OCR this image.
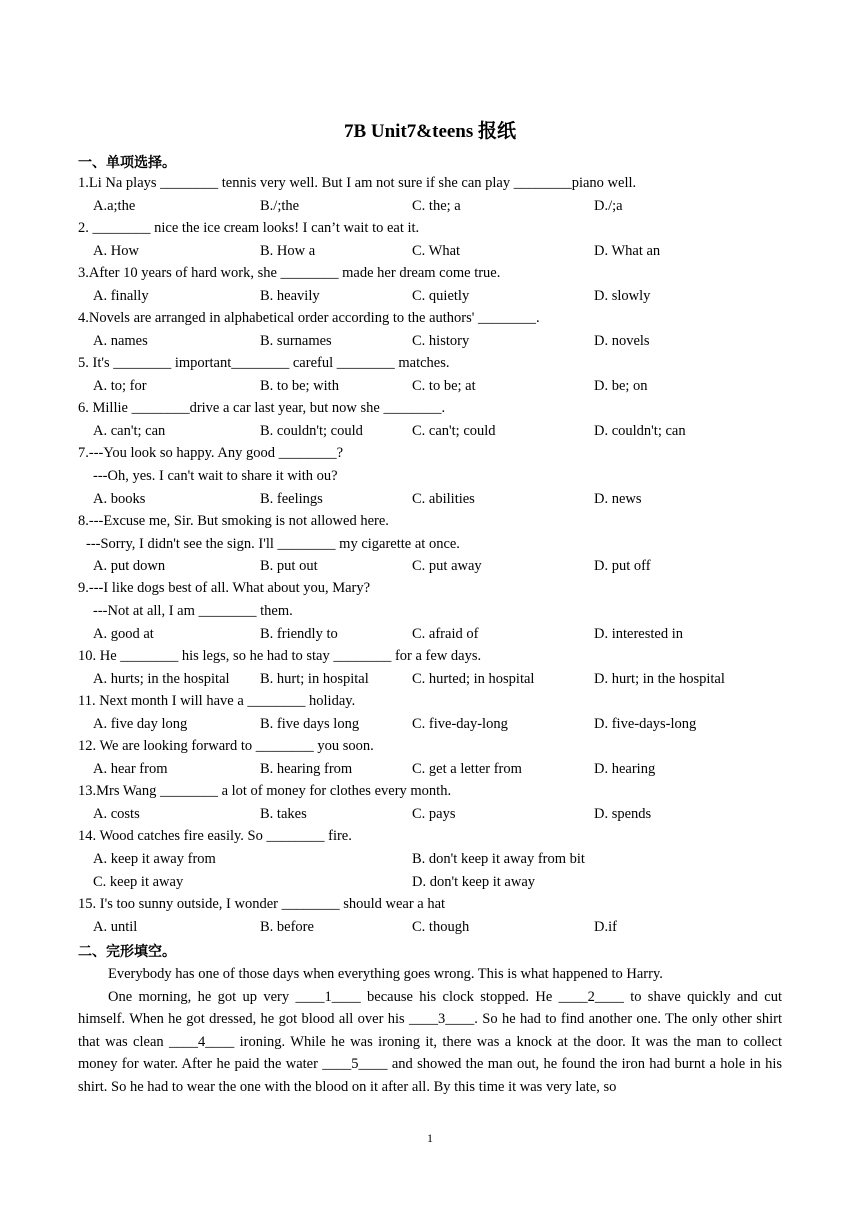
7B Unit7&teens 报纸
一、单项选择。
1.Li Na plays ________ tennis very well. But I am not sure if she can play ________piano well.
A.a;the	B./;the	C. the; a	D./;a
2. ________ nice the ice cream looks! I can’t wait to eat it.
A. How	B. How a	C. What	D. What an
3.After 10 years of hard work, she ________ made her dream come true.
A. finally	B. heavily	C. quietly	D. slowly
4.Novels are arranged in alphabetical order according to the authors' ________.
A. names	B. surnames	C. history	D. novels
5. It's ________ important________ careful ________ matches.
A. to; for	B. to be; with	C. to be; at	D. be; on
6. Millie ________drive a car last year, but now she ________.
A. can't; can	B. couldn't; could	C. can't; could	D. couldn't; can
7.---You look so happy. Any good ________?
---Oh, yes. I can't wait to share it with ou?
A. books	B. feelings	C. abilities	D. news
8.---Excuse me, Sir. But smoking is not allowed here.
---Sorry, I didn't see the sign. I'll ________ my cigarette at once.
A. put down	B. put out	C. put away	D. put off
9.---I like dogs best of all. What about you, Mary?
---Not at all, I am ________ them.
A. good at	B. friendly to	C. afraid of	D. interested in
10. He ________ his legs, so he had to stay ________ for a few days.
A. hurts; in the hospital B. hurt; in hospital	C. hurted; in hospital	D. hurt; in the hospital
11. Next month I will have a ________ holiday.
A. five day long	B. five days long	C. five-day-long	D. five-days-long
12. We are looking forward to ________ you soon.
A. hear from	B. hearing from	C. get a letter from	D. hearing
13.Mrs Wang ________ a lot of money for clothes every month.
A. costs	B. takes	C. pays	D. spends
14. Wood catches fire easily. So ________ fire.
A. keep it away from	B. don't keep it away from bit
C. keep it away	D. don't keep it away
15. I's too sunny outside, I wonder ________ should wear a hat
A. until	B. before	C. though	D.if
二、完形填空。

Everybody has one of those days when everything goes wrong. This is what happened to Harry.

One morning, he got up very ____1____ because his clock stopped. He ____2____ to shave quickly and cut himself. When he got dressed, he got blood all over his ____3____. So he had to find another one. The only other shirt that was clean ____4____ ironing. While he was ironing it, there was a knock at the door. It was the man to collect money for water. After he paid the water ____5____ and showed the man out, he found the iron had burnt a hole in his shirt. So he had to wear the one with the blood on it after all. By this time it was very late, so

1
